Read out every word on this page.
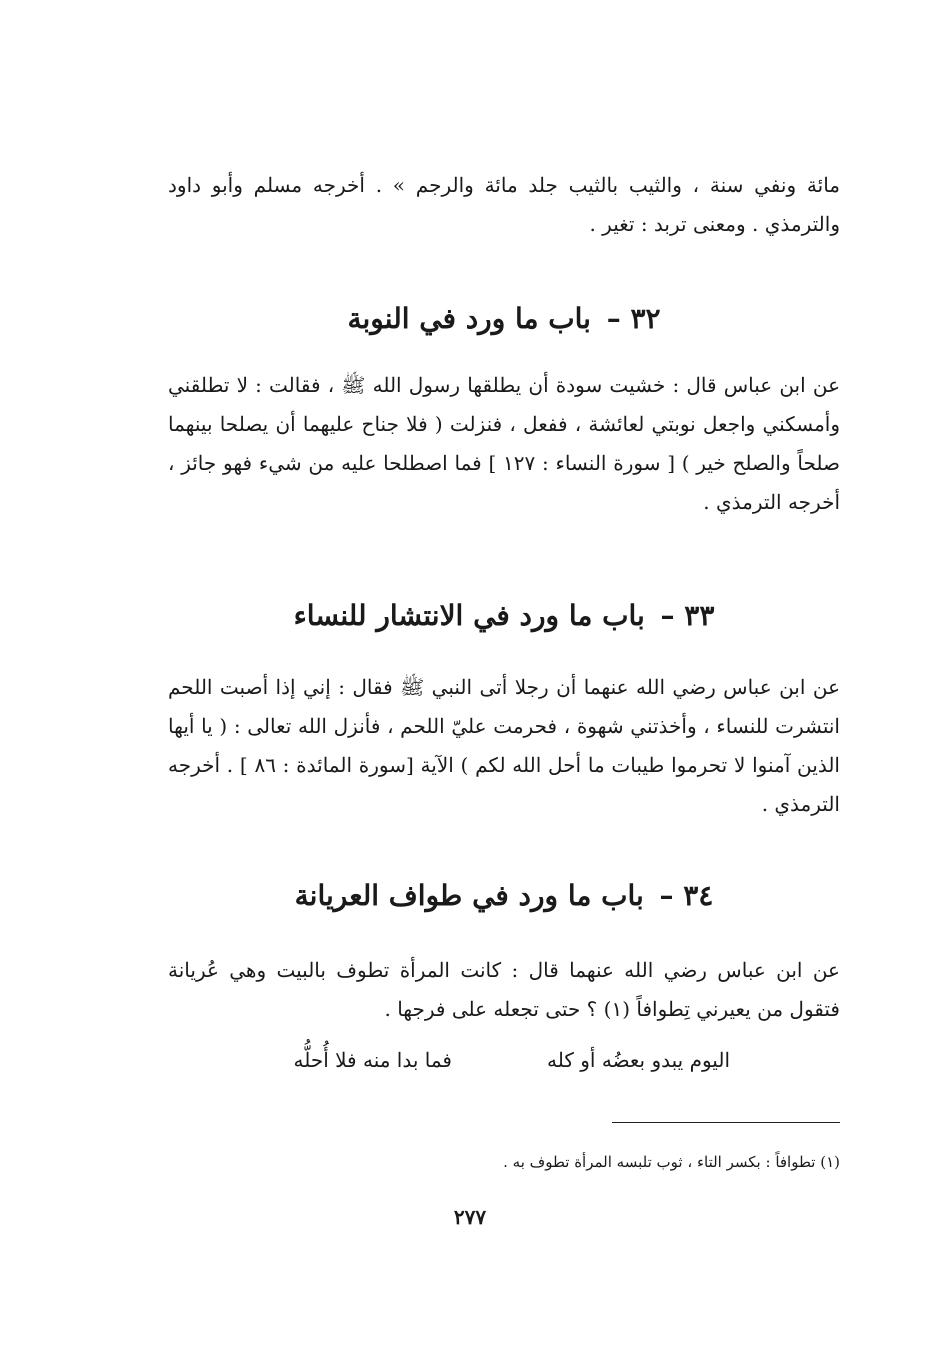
مائة ونفي سنة ، والثيب بالثيب جلد مائة والرجم » . أخرجه مسلم وأبو داود والترمذي . ومعنى تربد : تغير .

٣٢ – باب ما ورد في النوبة

عن ابن عباس قال : خشيت سودة أن يطلقها رسول الله ﷺ ، فقالت : لا تطلقني وأمسكني واجعل نوبتي لعائشة ، ففعل ، فنزلت ( فلا جناح عليهما أن يصلحا بينهما صلحاً والصلح خير ) [ سورة النساء : ١٢٧ ] فما اصطلحا عليه من شيء فهو جائز ، أخرجه الترمذي .

٣٣ – باب ما ورد في الانتشار للنساء

عن ابن عباس رضي الله عنهما أن رجلا أتى النبي ﷺ فقال : إني إذا أصبت اللحم انتشرت للنساء ، وأخذتني شهوة ، فحرمت عليّ اللحم ، فأنزل الله تعالى : ( يا أيها الذين آمنوا لا تحرموا طيبات ما أحل الله لكم ) الآية [سورة المائدة : ٨٦ ] . أخرجه الترمذي .

٣٤ – باب ما ورد في طواف العريانة

عن ابن عباس رضي الله عنهما قال : كانت المرأة تطوف بالبيت وهي عُريانة فتقول من يعيرني تِطوافاً (١) ؟ حتى تجعله على فرجها .

اليوم يبدو بعضُه أو كله
فما بدا منه فلا أُحلُّه
(١) تطوافاً : بكسر التاء ، ثوب تلبسه المرأة تطوف به .
٢٧٧
